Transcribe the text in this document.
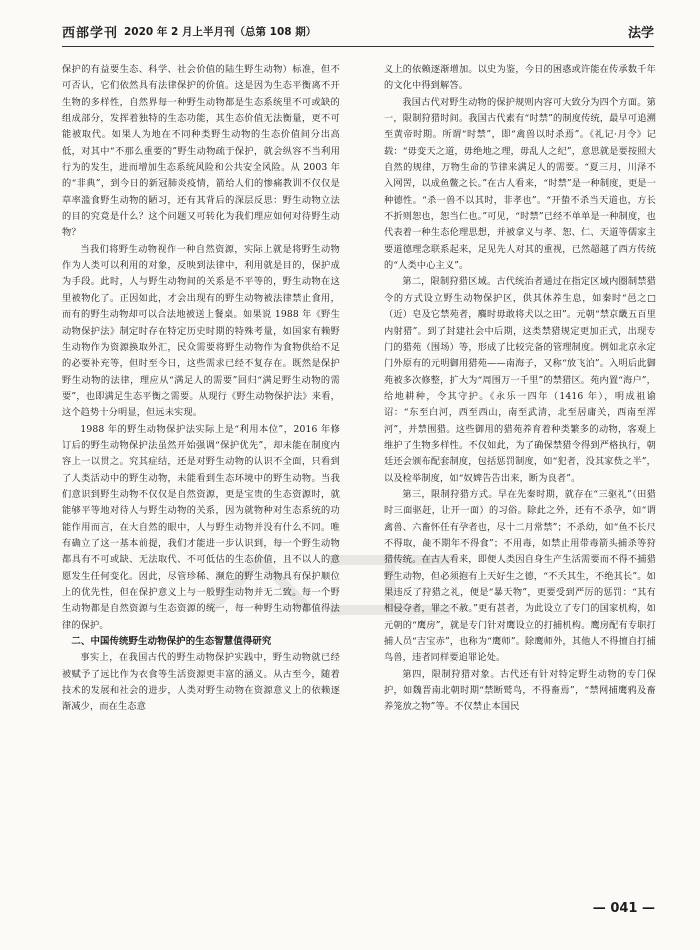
西部学刊 2020 年 2 月上半月刊（总第 108 期）	法学

保护的有益要生态、科学、社会价值的陆生野生动物）标准，但不可否认，它们依然具有法律保护的价值。这是因为生态平衡离不开生物的多样性，自然界每一种野生动物都是生态系统里不可或缺的组成部分，发挥着独特的生态功能，其生态价值无法衡量，更不可能被取代。如果人为地在不同种类野生动物的生态价值间分出高低，对其中“不那么重要的”野生动物疏于保护，就会纵容不当利用行为的发生，进而增加生态系统风险和公共安全风险。从 2003 年的“非典”，到今日的新冠肺炎疫情，箭给人们的惨痛教训不仅仅是草率滥食野生动物的陋习，还有其背后的深层反思：野生动物立法的目的究竟是什么？这个问题又可转化为我们理应如何对待野生动物？

当我们将野生动物视作一种自然资源，实际上就是将野生动物作为人类可以利用的对象，反映到法律中，利用就是目的，保护成为手段。此时，人与野生动物间的关系是不平等的，野生动物在这里被物化了。正因如此，才会出现有的野生动物被法律禁止食用，而有的野生动物却可以合法地被送上餐桌。如果说 1988 年《野生动物保护法》制定时存在特定历史时期的特殊考量，如国家有赖野生动物作为资源换取外汇，民众需要将野生动物作为食物供给不足的必要补充等，但时至今日，这些需求已经不复存在。既然是保护野生动物的法律，理应从“满足人的需要”回归“满足野生动物的需要”，也即满足生态平衡之需要。从现行《野生动物保护法》来看，这个趋势十分明显，但远未实现。

1988 年的野生动物保护法实际上是“利用本位”，2016 年修订后的野生动物保护法虽然开始强调“保护优先”，却未能在制度内容上一以贯之。究其症结，还是对野生动物的认识不全面，只看到了人类活动中的野生动物，未能看到生态环境中的野生动物。当我们意识到野生动物不仅仅是自然资源，更是宝贵的生态资源时，就能够平等地对待人与野生动物的关系，因为就物种对生态系统的功能作用而言，在大自然的眼中，人与野生动物并没有什么不同。唯有确立了这一基本前提，我们才能进一步认识到，每一个野生动物都具有不可或缺、无法取代、不可低估的生态价值，且不以人的意愿发生任何变化。因此，尽管珍稀、濒危的野生动物具有保护顺位上的优先性，但在保护意义上与一般野生动物并无二致。每一个野生动物都是自然资源与生态资源的统一，每一种野生动物都值得法律的保护。

二、中国传统野生动物保护的生态智慧值得研究

事实上，在我国古代的野生动物保护实践中，野生动物就已经被赋予了远比作为衣食等生活资源更丰富的涵义。从古至今，随着技术的发展和社会的进步，人类对野生动物在资源意义上的依赖逐渐减少，而在生态意

义上的依赖逐渐增加。以史为鉴，今日的困惑或许能在传承数千年的文化中得到解答。

我国古代对野生动物的保护规则内容可大致分为四个方面。第一，限制狩猎时间。我国古代素有“时禁”的制度传统，最早可追溯至黄帝时期。所谓“时禁”，即“禽兽以时杀焉”。《礼记·月令》记载：“毋变天之道，毋绝地之理，毋乱人之纪”，意思就是要按照大自然的规律，万物生命的节律来满足人的需要。“夏三月，川泽不入网罟，以成鱼鳖之长。”在古人看来，“时禁”是一种制度，更是一种德性。“杀一兽不以其时，非孝也”。“开蛰不杀当天道也，方长不折则恕也，恕当仁也。”可见，“时禁”已经不单单是一种制度，也代表着一种生态伦理思想，并被拿义与孝、恕、仁、天道等儒家主要道德理念联系起来，足见先人对其的重视，已然超越了西方传统的“人类中心主义”。

第二，限制狩猎区域。古代统治者通过在指定区域内圈制禁猎令的方式设立野生动物保护区，供其休养生息，如秦时“邑之□（近）皂及它禁苑者，麛时毋敢将犬以之田”。元朝“禁京畿五百里内射猎”。到了封建社会中后期，这类禁猎规定更加正式，出现专门的猎苑（围场）等，形成了比较完备的管理制度。例如北京永定门外原有的元明御用猎苑——南海子，又称“放飞泊”。入明后此御苑被多次修整，扩大为“周围万一千里”的禁猎区。苑内置“海户”，给地耕种，令其守护。《永乐一四年（1416 年），明成祖谕诏：“东至白河，西至西山，南至武清，北至居庸关，西南至浑河”，并禁围猎。这些御用的猎苑养育着种类繁多的动物，客观上维护了生物多样性。不仅如此，为了确保禁猎令得到严格执行，朝廷还会颁布配套制度，包括惩罚制度，如“犯者，没其家赀之半”，以及检举制度，如“奴婢告告出来，断为良者”。

第三，限制狩猎方式。早在先秦时期，就存在“三驱礼”（田猎时三面驱赶，让开一面）的习俗。除此之外，还有不杀孕，如“谓禽兽、六畜怀任有孕者也，尽十二月常禁”；不杀幼，如“鱼不长尺不得取，彘不期年不得食”；不用毒，如禁止用带毒箭头捕杀等狩猎传统。在古人看来，即便人类因自身生产生活需要而不得不捕猎野生动物，但必须抱有上天好生之德，“不夭其生，不绝其长”。如果违反了狩猎之礼，便是“暴天物”，更要受到严厉的惩罚：“其有相侵夺者，罪之不赦。”更有甚者，为此设立了专门的国家机构，如元朝的“鹰房”，就是专门针对鹰设立的打捕机构。鹰房配有专职打捕人员“吉宝赤”，也称为“鹰师”。除鹰师外，其他人不得擅自打捕鸟兽，违者同样要追罪论处。

第四，限制狩猎对象。古代还有针对特定野生动物的专门保护，如魏晋南北朝时期“禁断鹫鸟，不得畜焉”，“禁网捕鹰鸦及畜养笼放之物”等。不仅禁止本国民

— 041 —
